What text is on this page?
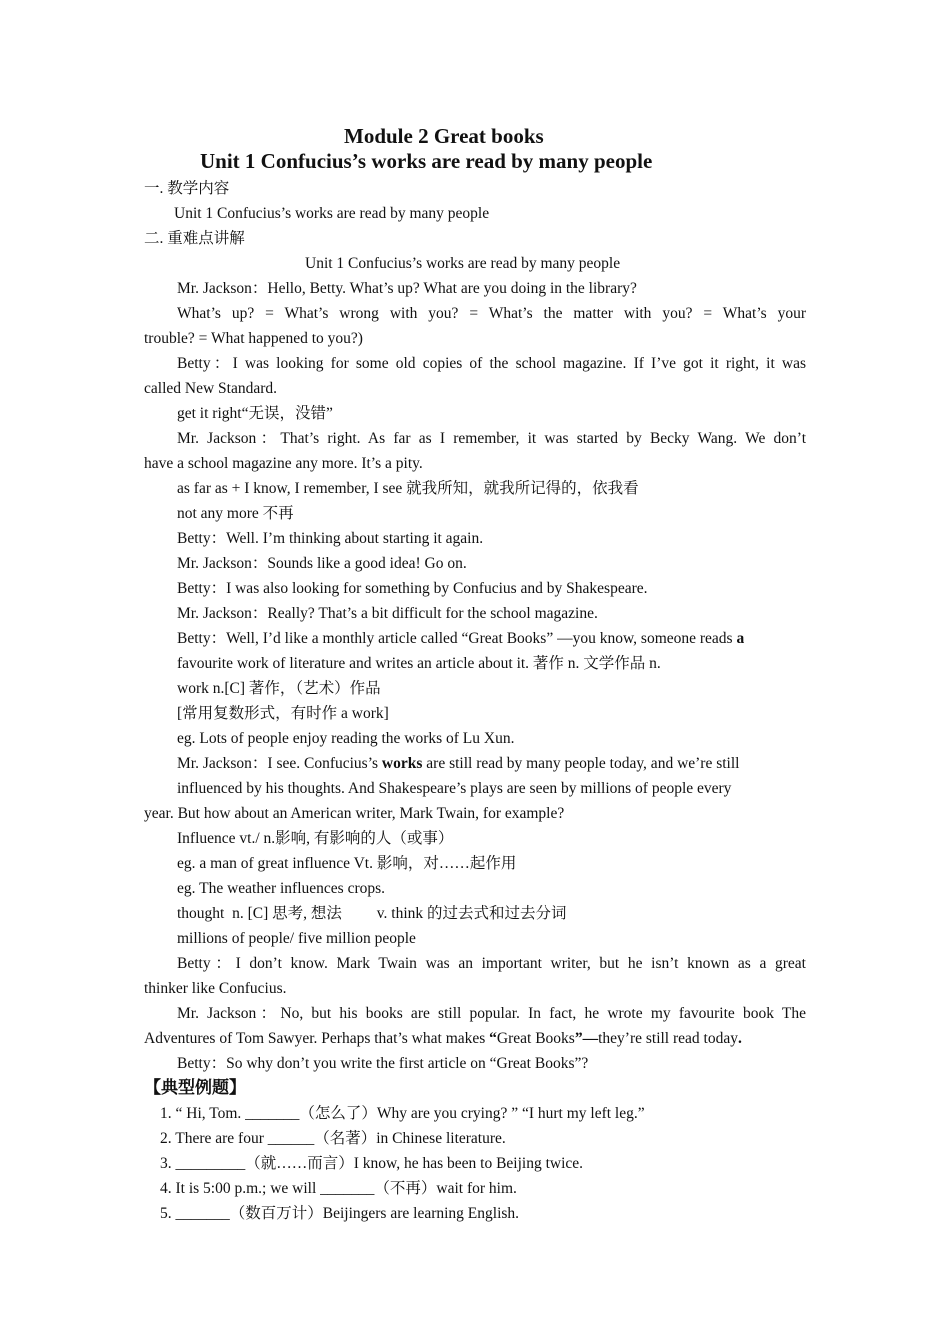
Module 2 Great books
Unit 1 Confucius’s works are read by many people
一. 教学内容
Unit 1 Confucius’s works are read by many people
二. 重难点讲解
Unit 1 Confucius’s works are read by many people
Mr. Jackson：Hello, Betty. What’s up? What are you doing in the library?
What’s up? = What’s wrong with you? = What’s the matter with you? = What’s your
trouble? = What happened to you?)
Betty：I was looking for some old copies of the school magazine. If I’ve got it right, it was
called New Standard.
get it right“无误，没错”
Mr. Jackson：That’s right. As far as I remember, it was started by Becky Wang. We don’t
have a school magazine any more. It’s a pity.
as far as + I know, I remember, I see 就我所知，就我所记得的，依我看
not any more 不再
Betty：Well. I’m thinking about starting it again.
Mr. Jackson：Sounds like a good idea! Go on.
Betty：I was also looking for something by Confucius and by Shakespeare.
Mr. Jackson：Really? That’s a bit difficult for the school magazine.
Betty：Well, I’d like a monthly article called “Great Books” —you know, someone reads a
favourite work of literature and writes an article about it. 著作 n. 文学作品 n.
work n.[C] 著作，（艺术）作品
[常用复数形式，有时作 a work]
eg. Lots of people enjoy reading the works of Lu Xun.
Mr. Jackson：I see. Confucius’s works are still read by many people today, and we’re still
influenced by his thoughts. And Shakespeare’s plays are seen by millions of people every
year. But how about an American writer, Mark Twain, for example?
Influence vt./ n.影响, 有影响的人（或事）
eg. a man of great influence Vt. 影响，对……起作用
eg. The weather influences crops.
thought  n. [C] 思考, 想法         v. think 的过去式和过去分词
millions of people/ five million people
Betty：I don’t know. Mark Twain was an important writer, but he isn’t known as a great
thinker like Confucius.
Mr. Jackson：No, but his books are still popular. In fact, he wrote my favourite book The
Adventures of Tom Sawyer. Perhaps that’s what makes “Great Books”—they’re still read today.
Betty：So why don’t you write the first article on “Great Books”?
【典型例题】
1. “ Hi, Tom. _______（怎么了）Why are you crying? ” “I hurt my left leg.”
2. There are four ______（名著）in Chinese literature.
3. _________（就……而言）I know, he has been to Beijing twice.
4. It is 5:00 p.m.; we will _______（不再）wait for him.
5. _______（数百万计）Beijingers are learning English.
